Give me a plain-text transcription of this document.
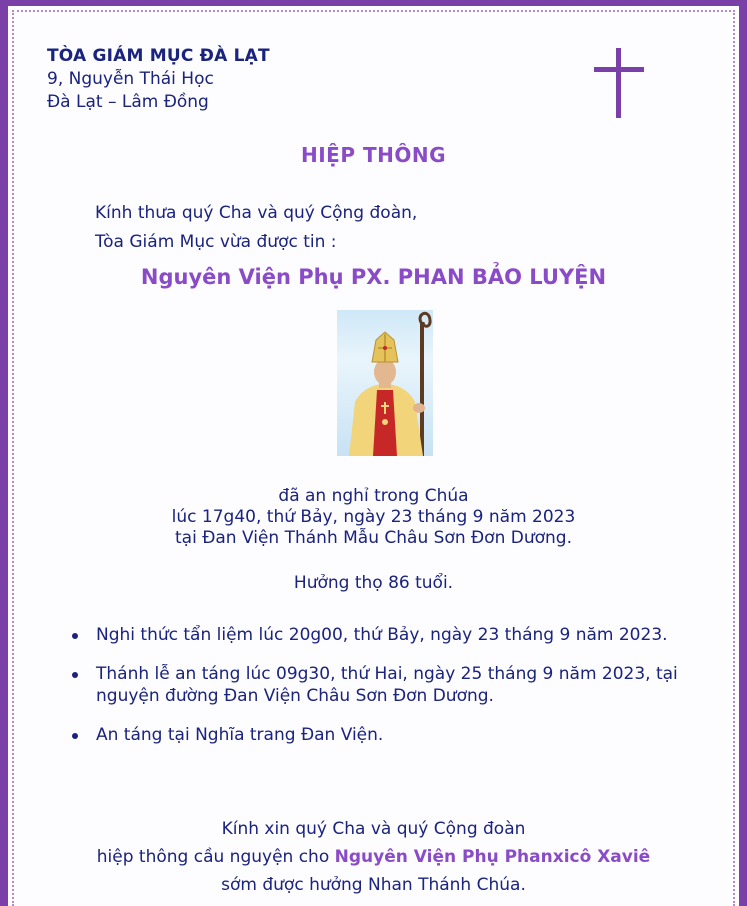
TÒA GIÁM MỤC ĐÀ LẠT
9, Nguyễn Thái Học
Đà Lạt – Lâm Đồng
HIỆP THÔNG
Kính thưa quý Cha và quý Cộng đoàn,
Tòa Giám Mục vừa được tin :
Nguyên Viện Phụ PX. PHAN BẢO LUYỆN
đã an nghỉ trong Chúa
lúc 17g40, thứ Bảy, ngày 23 tháng 9 năm 2023
tại Đan Viện Thánh Mẫu Châu Sơn Đơn Dương.
Hưởng thọ 86 tuổi.
Nghi thức tẩn liệm lúc 20g00, thứ Bảy, ngày 23 tháng 9 năm 2023.
Thánh lễ an táng lúc 09g30, thứ Hai, ngày 25 tháng 9 năm 2023, tại nguyện đường Đan Viện Châu Sơn Đơn Dương.
An táng tại Nghĩa trang Đan Viện.
Kính xin quý Cha và quý Cộng đoàn
hiệp thông cầu nguyện cho Nguyên Viện Phụ Phanxicô Xaviê
sớm được hưởng Nhan Thánh Chúa.
